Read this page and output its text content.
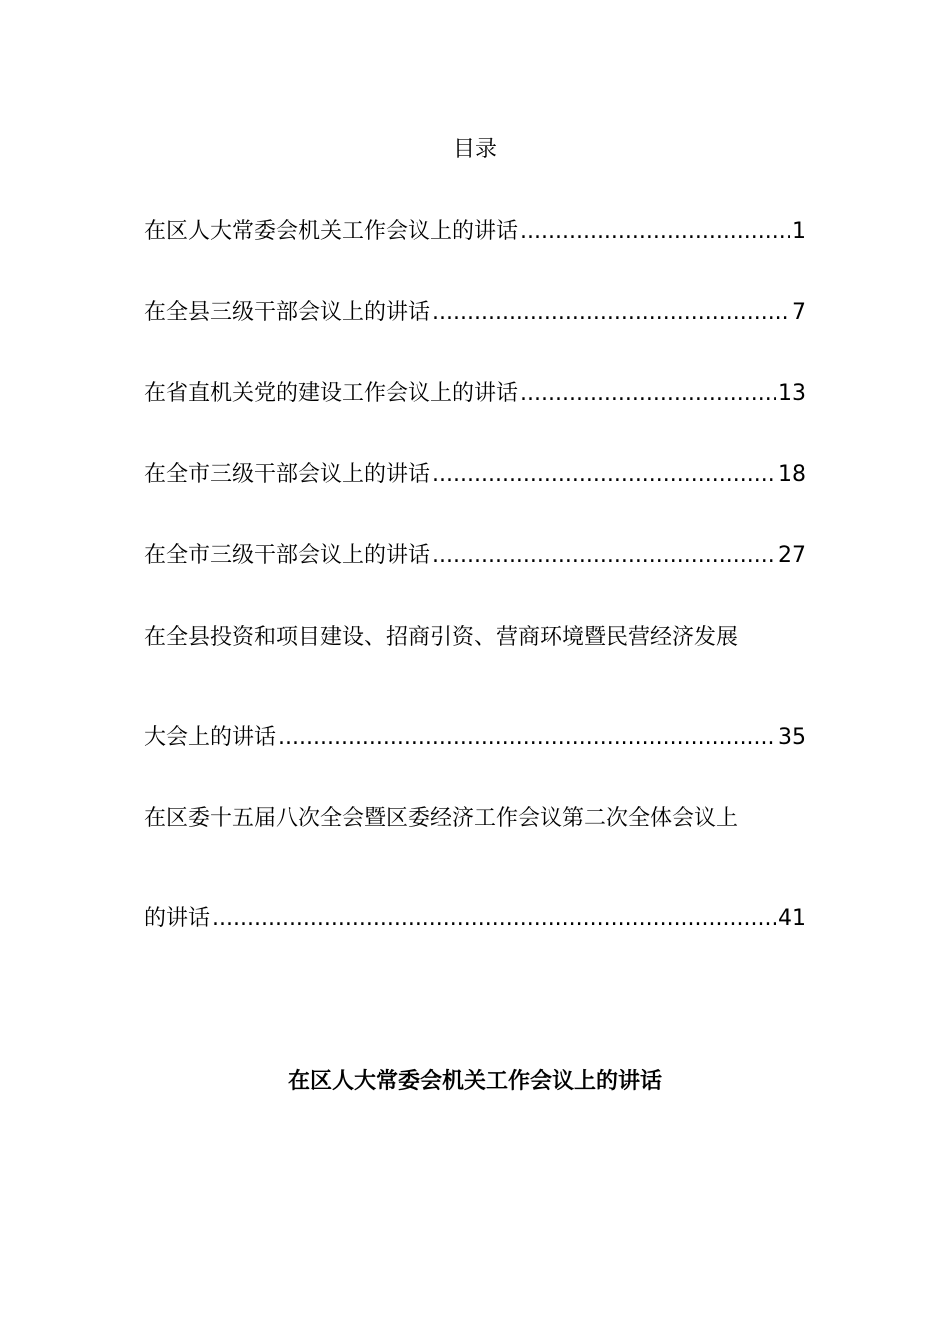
目录
在区人大常委会机关工作会议上的讲话 .....	1
在全县三级干部会议上的讲话 .....	7
在省直机关党的建设工作会议上的讲话 .....	13
在全市三级干部会议上的讲话 .....	18
在全市三级干部会议上的讲话 .....	27
在全县投资和项目建设、招商引资、营商环境暨民营经济发展
大会上的讲话 .....	35
在区委十五届八次全会暨区委经济工作会议第二次全体会议上
的讲话 .....	41
在区人大常委会机关工作会议上的讲话
